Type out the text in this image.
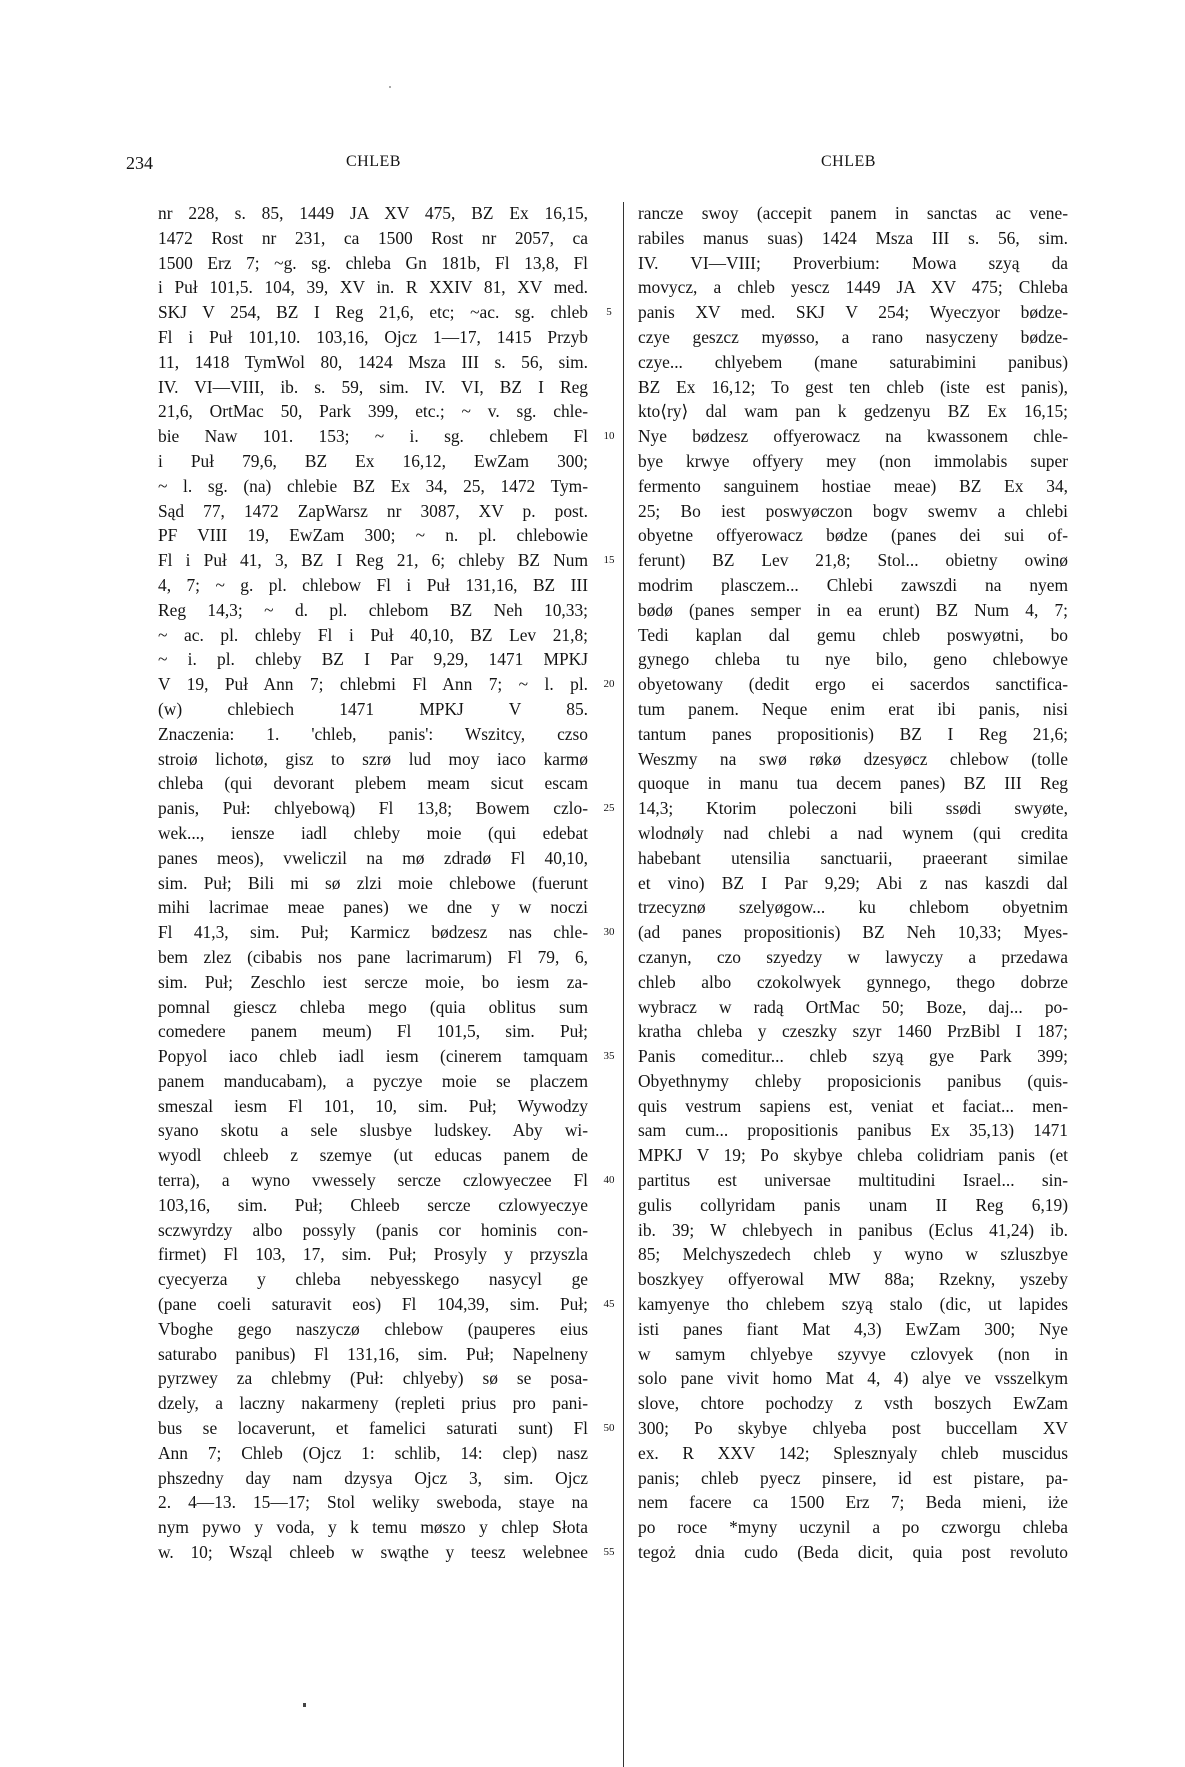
234	CHLEB	CHLEB
nr 228, s. 85, 1449 JA XV 475, BZ Ex 16,15,
1472 Rost nr 231, ca 1500 Rost nr 2057, ca
1500 Erz 7; ~g. sg. chleba Gn 181b, Fl 13,8, Fl
i Puł 101,5. 104, 39, XV in. R XXIV 81, XV med.
SKJ V 254, BZ I Reg 21,6, etc; ~ac. sg. chleb
Fl i Puł 101,10. 103,16, Ojcz 1—17, 1415 Przyb
11, 1418 TymWol 80, 1424 Msza III s. 56, sim.
IV. VI—VIII, ib. s. 59, sim. IV. VI, BZ I Reg
21,6, OrtMac 50, Park 399, etc.; ~ v. sg. chle-
bie Naw 101. 153; ~ i. sg. chlebem Fl
i Puł 79,6, BZ Ex 16,12, EwZam 300;
~ l. sg. (na) chlebie BZ Ex 34, 25, 1472 Tym-
Sąd 77, 1472 ZapWarsz nr 3087, XV p. post.
PF VIII 19, EwZam 300; ~ n. pl. chlebowie
Fl i Puł 41, 3, BZ I Reg 21, 6; chleby BZ Num
4, 7; ~ g. pl. chlebow Fl i Puł 131,16, BZ III
Reg 14,3; ~ d. pl. chlebom BZ Neh 10,33;
~ ac. pl. chleby Fl i Puł 40,10, BZ Lev 21,8;
~ i. pl. chleby BZ I Par 9,29, 1471 MPKJ
V 19, Puł Ann 7; chlebmi Fl Ann 7; ~ l. pl.
(w) chlebiech 1471 MPKJ V 85.
Znaczenia: 1. 'chleb, panis': Wszitcy, czso
stroiø lichotø, gisz to szrø lud moy iaco karmø
chleba (qui devorant plebem meam sicut escam
panis, Puł: chlyebową) Fl 13,8; Bowem czlo-
wek..., iensze iadl chleby moie (qui edebat
panes meos), vweliczil na mø zdradø Fl 40,10,
sim. Puł; Bili mi sø zlzi moie chlebowe (fuerunt
mihi lacrimae meae panes) we dne y w noczi
Fl 41,3, sim. Puł; Karmicz bødzesz nas chle-
bem zlez (cibabis nos pane lacrimarum) Fl 79, 6,
sim. Puł; Zeschlo iest sercze moie, bo iesm za-
pomnal giescz chleba mego (quia oblitus sum
comedere panem meum) Fl 101,5, sim. Puł;
Popyol iaco chleb iadl iesm (cinerem tamquam
panem manducabam), a pyczye moie se placzem
smeszal iesm Fl 101, 10, sim. Puł; Wywodzy
syano skotu a sele slusbye ludskey. Aby wi-
wyodl chleeb z szemye (ut educas panem de
terra), a wyno vwessely sercze czlowyeczee Fl
103,16, sim. Puł; Chleeb sercze czlowyeczye
sczwyrdzy albo possyly (panis cor hominis con-
firmet) Fl 103, 17, sim. Puł; Prosyly y przyszla
cyecyerza y chleba nebyesskego nasycyl ge
(pane coeli saturavit eos) Fl 104,39, sim. Puł;
Vboghe gego naszyczø chlebow (pauperes eius
saturabo panibus) Fl 131,16, sim. Puł; Napelneny
pyrzwey za chlebmy (Puł: chlyeby) sø se posa-
dzely, a laczny nakarmeny (repleti prius pro pani-
bus se locaverunt, et famelici saturati sunt) Fl
Ann 7; Chleb (Ojcz 1: schlib, 14: clep) nasz
phszedny day nam dzysya Ojcz 3, sim. Ojcz
2. 4—13. 15—17; Stol weliky sweboda, staye na
nym pywo y voda, y k temu møszo y chlep Słota
w. 10; Wsząl chleeb w swąthe y teesz welebnee
5
10
15
20
25
30
35
40
45
50
55
rancze swoy (accepit panem in sanctas ac vene-
rabiles manus suas) 1424 Msza III s. 56, sim.
IV. VI—VIII; Proverbium: Mowa szyą da
movycz, a chleb yescz 1449 JA XV 475; Chleba
panis XV med. SKJ V 254; Wyeczyor bødze-
czye geszcz myøsso, a rano nasyczeny bødze-
czye... chlyebem (mane saturabimini panibus)
BZ Ex 16,12; To gest ten chleb (iste est panis),
kto⟨ry⟩ dal wam pan k gedzenyu BZ Ex 16,15;
Nye bødzesz offyerowacz na kwassonem chle-
bye krwye offyery mey (non immolabis super
fermento sanguinem hostiae meae) BZ Ex 34,
25; Bo iest poswyøczon bogv swemv a chlebi
obyetne offyerowacz bødze (panes dei sui of-
ferunt) BZ Lev 21,8; Stol... obietny owinø
modrim plasczem... Chlebi zawszdi na nyem
bødø (panes semper in ea erunt) BZ Num 4, 7;
Tedi kaplan dal gemu chleb poswyøtni, bo
gynego chleba tu nye bilo, geno chlebowye
obyetowany (dedit ergo ei sacerdos sanctifica-
tum panem. Neque enim erat ibi panis, nisi
tantum panes propositionis) BZ I Reg 21,6;
Weszmy na swø røkø dzesyøcz chlebow (tolle
quoque in manu tua decem panes) BZ III Reg
14,3; Ktorim poleczoni bili ssødi swyøte,
wlodnøly nad chlebi a nad wynem (qui credita
habebant utensilia sanctuarii, praeerant similae
et vino) BZ I Par 9,29; Abi z nas kaszdi dal
trzecyznø szelyøgow... ku chlebom obyetnim
(ad panes propositionis) BZ Neh 10,33; Myes-
czanyn, czo szyedzy w lawyczy a przedawa
chleb albo czokolwyek gynnego, thego dobrze
wybracz w radą OrtMac 50; Boze, daj... po-
kratha chleba y czeszky szyr 1460 PrzBibl I 187;
Panis comeditur... chleb szyą gye Park 399;
Obyethnymy chleby proposicionis panibus (quis-
quis vestrum sapiens est, veniat et faciat... men-
sam cum... propositionis panibus Ex 35,13) 1471
MPKJ V 19; Po skybye chleba colidriam panis (et
partitus est universae multitudini Israel... sin-
gulis collyridam panis unam II Reg 6,19)
ib. 39; W chlebyech in panibus (Eclus 41,24) ib.
85; Melchyszedech chleb y wyno w szluszbye
boszkyey offyerowal MW 88a; Rzekny, yszeby
kamyenye tho chlebem szyą stalo (dic, ut lapides
isti panes fiant Mat 4,3) EwZam 300; Nye
w samym chlyebye szyvye czlovyek (non in
solo pane vivit homo Mat 4, 4) alye ve vsszelkym
slove, chtore pochodzy z vsth boszych EwZam
300; Po skybye chlyeba post buccellam XV
ex. R XXV 142; Splesznyaly chleb muscidus
panis; chleb pyecz pinsere, id est pistare, pa-
nem facere ca 1500 Erz 7; Beda mieni, iże
po roce *myny uczynil a po czworgu chleba
tegoż dnia cudo (Beda dicit, quia post revoluto
